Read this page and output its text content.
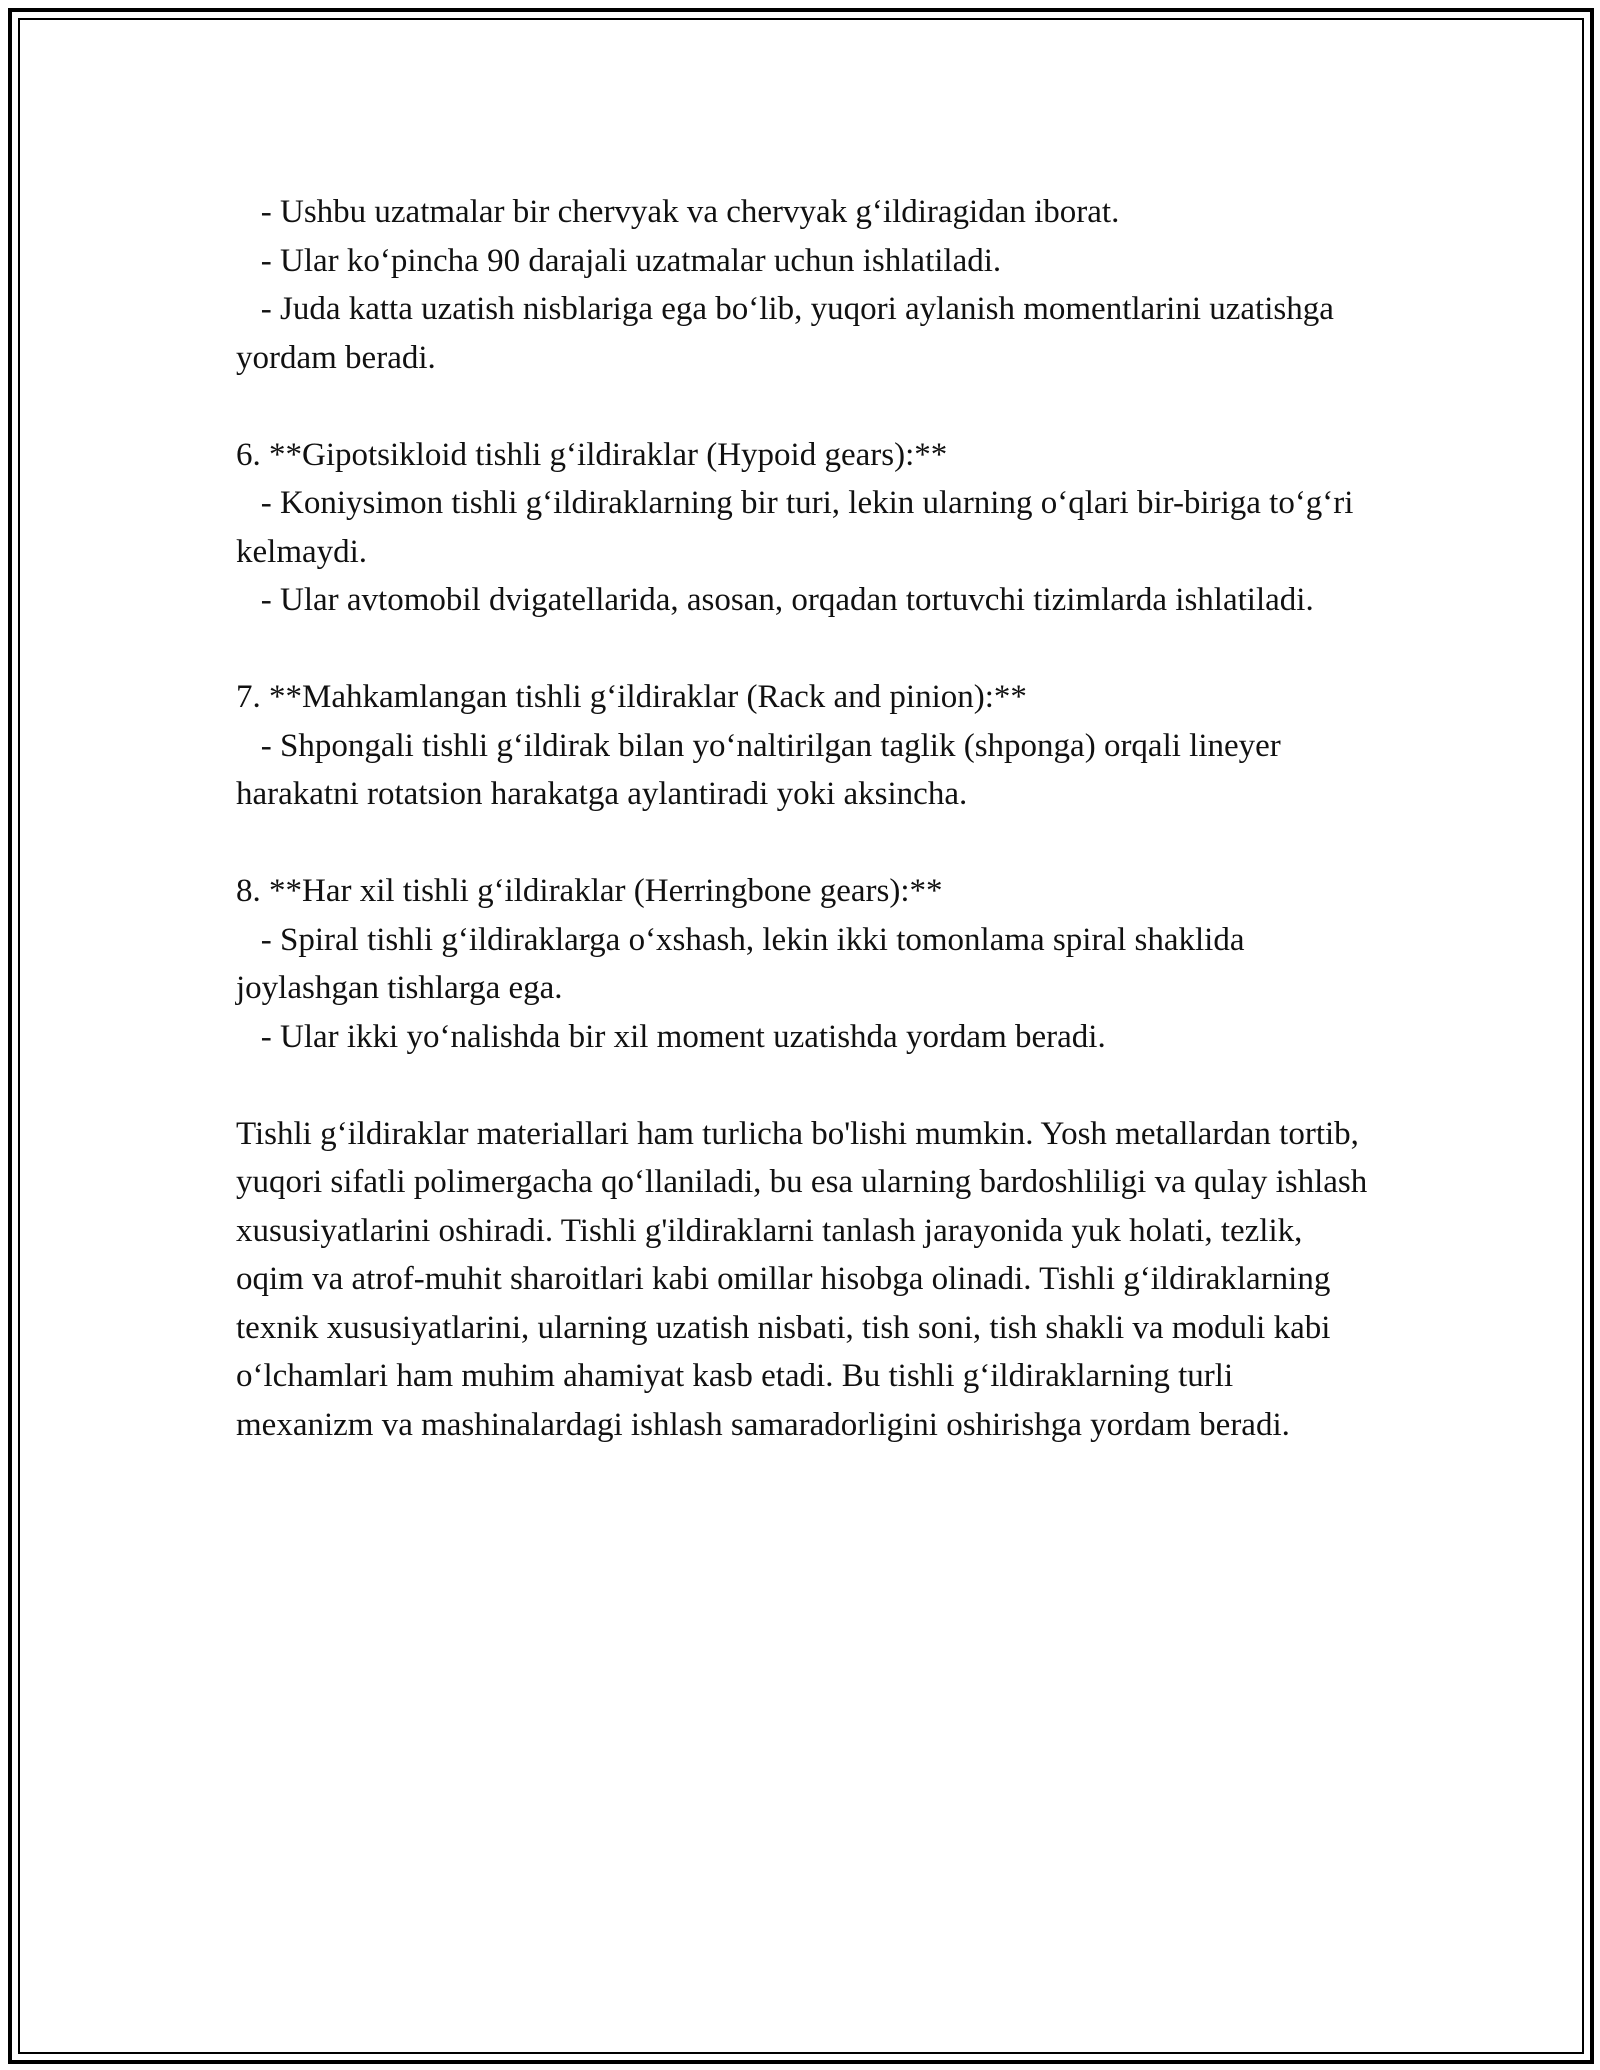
- Ushbu uzatmalar bir chervyak va chervyak g‘ildiragidan iborat.

- Ular ko‘pincha 90 darajali uzatmalar uchun ishlatiladi.

- Juda katta uzatish nisblariga ega bo‘lib, yuqori aylanish momentlarini uzatishga yordam beradi.

6. **Gipotsikloid tishli g‘ildiraklar (Hypoid gears):**

- Koniysimon tishli g‘ildiraklarning bir turi, lekin ularning o‘qlari bir-biriga to‘g‘ri kelmaydi.

- Ular avtomobil dvigatellarida, asosan, orqadan tortuvchi tizimlarda ishlatiladi.

7. **Mahkamlangan tishli g‘ildiraklar (Rack and pinion):**

- Shpongali tishli g‘ildirak bilan yo‘naltirilgan taglik (shponga) orqali lineyer harakatni rotatsion harakatga aylantiradi yoki aksincha.

8. **Har xil tishli g‘ildiraklar (Herringbone gears):**

- Spiral tishli g‘ildiraklarga o‘xshash, lekin ikki tomonlama spiral shaklida joylashgan tishlarga ega.

- Ular ikki yo‘nalishda bir xil moment uzatishda yordam beradi.

Tishli g‘ildiraklar materiallari ham turlicha bo'lishi mumkin. Yosh metallardan tortib, yuqori sifatli polimergacha qo‘llaniladi, bu esa ularning bardoshliligi va qulay ishlash xususiyatlarini oshiradi. Tishli g'ildiraklarni tanlash jarayonida yuk holati, tezlik, oqim va atrof-muhit sharoitlari kabi omillar hisobga olinadi. Tishli g‘ildiraklarning texnik xususiyatlarini, ularning uzatish nisbati, tish soni, tish shakli va moduli kabi o‘lchamlari ham muhim ahamiyat kasb etadi. Bu tishli g‘ildiraklarning turli mexanizm va mashinalardagi ishlash samaradorligini oshirishga yordam beradi.
